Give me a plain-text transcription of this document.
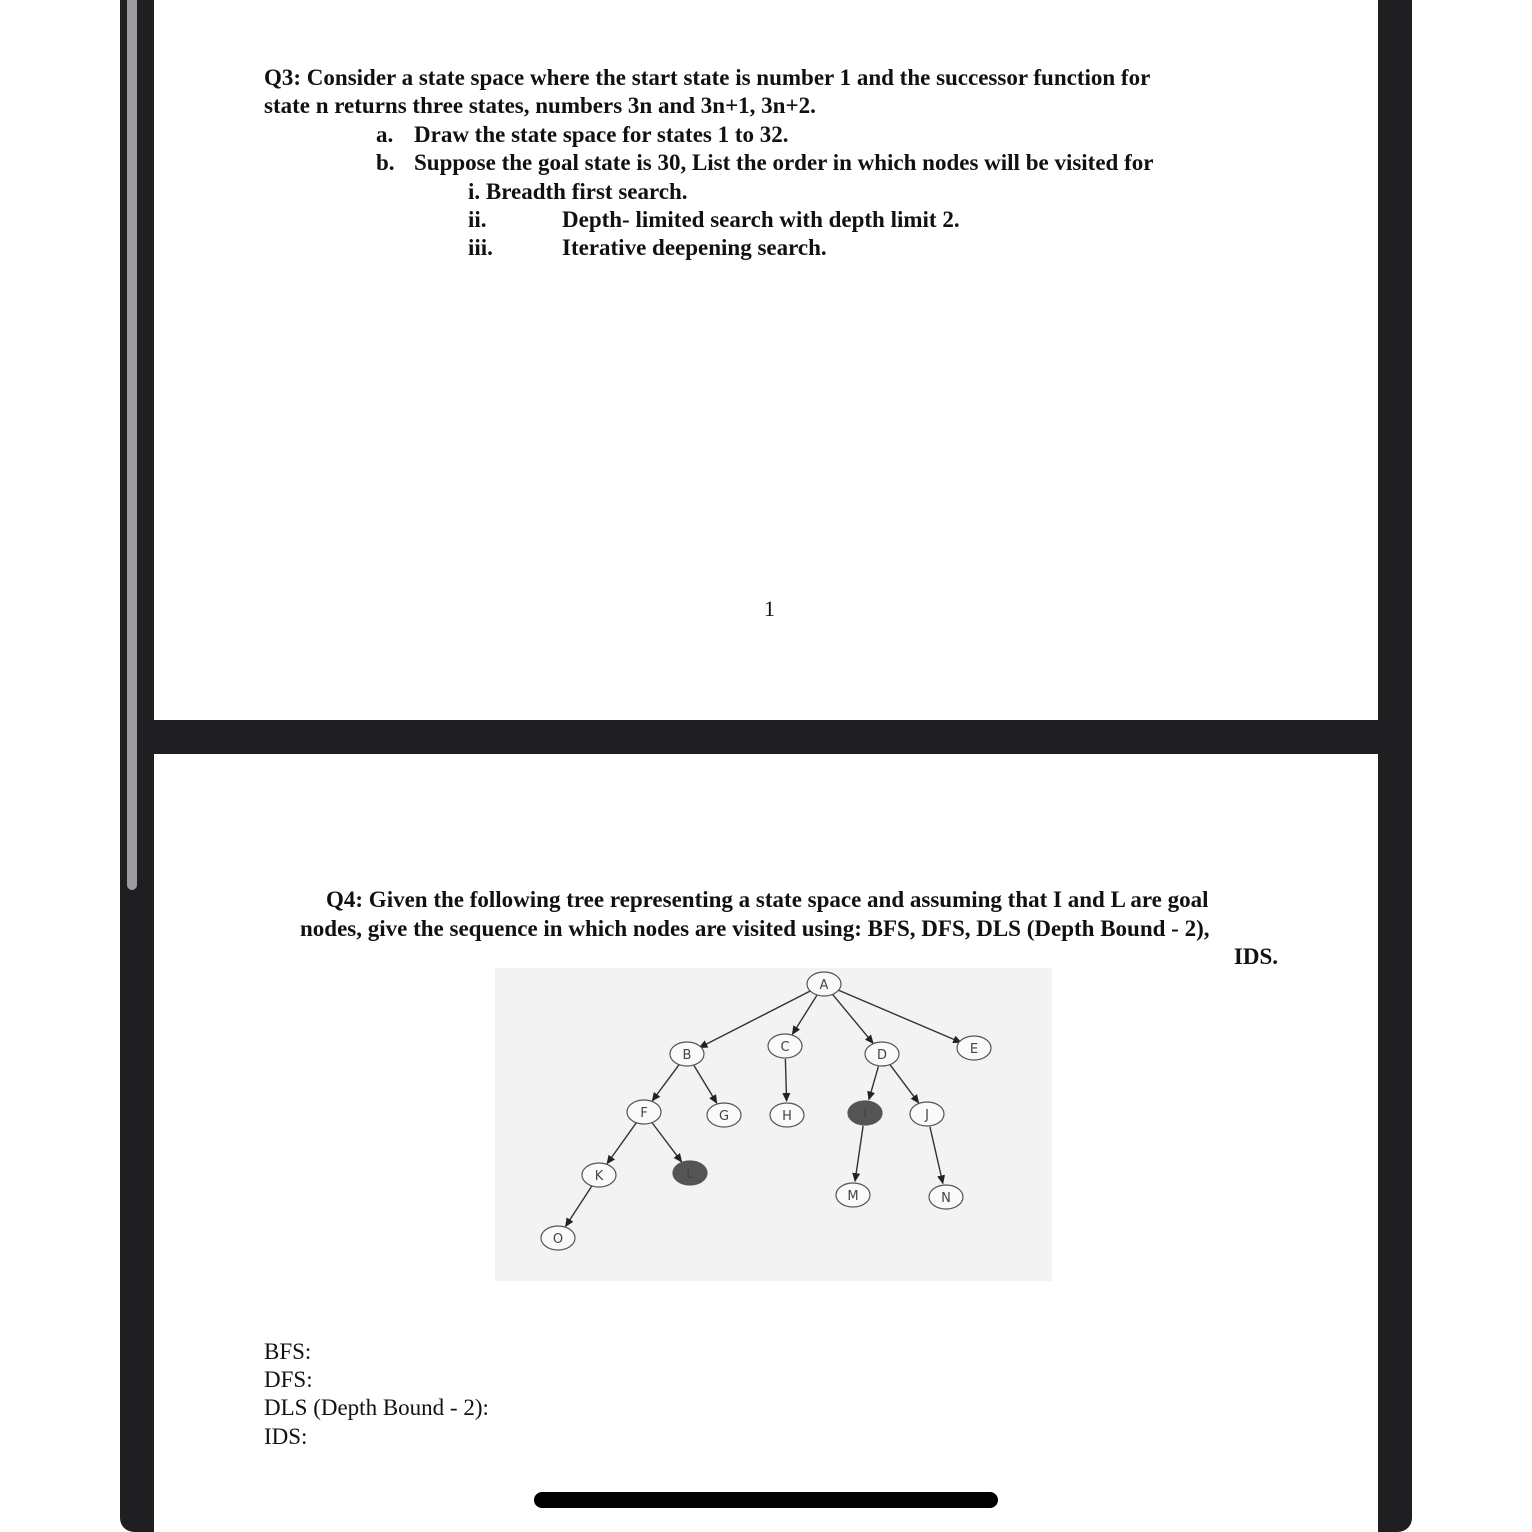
Q3: Consider a state space where the start state is number 1 and the successor function for
state n returns three states, numbers 3n and 3n+1, 3n+2.
a. Draw the state space for states 1 to 32.
b. Suppose the goal state is 30, List the order in which nodes will be visited for
i. Breadth first search.
ii.	Depth- limited search with depth limit 2.
iii.	Iterative deepening search.
1
Q4: Given the following tree representing a state space and assuming that I and L are goal
nodes, give the sequence in which nodes are visited using: BFS, DFS, DLS (Depth Bound - 2),
IDS.
A
B
C
D	E
F	G	H	I	J
K	L
M	N
O
BFS:
DFS:
DLS (Depth Bound - 2):
IDS:
